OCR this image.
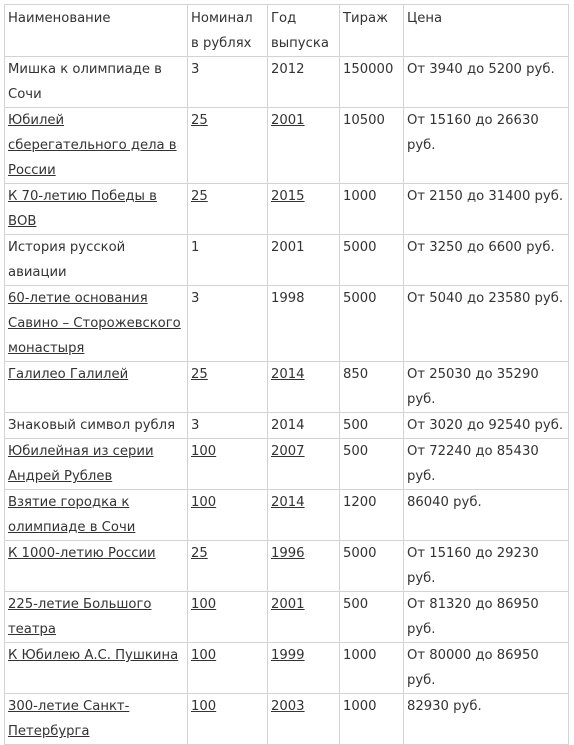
Наименование	Номинал в рублях	Год выпуска	Тираж	Цена
Мишка к олимпиаде в Сочи	3	2012	150000	От 3940 до 5200 руб.
Юбилей сберегательного дела в России	25	2001	10500	От 15160 до 26630 руб.
К 70-летию Победы в ВОВ	25	2015	1000	От 2150 до 31400 руб.
История русской авиации	1	2001	5000	От 3250 до 6600 руб.
60-летие основания Савино – Сторожевского монастыря	3	1998	5000	От 5040 до 23580 руб.
Галилео Галилей	25	2014	850	От 25030 до 35290 руб.
Знаковый символ рубля	3	2014	500	От 3020 до 92540 руб.
Юбилейная из серии Андрей Рублев	100	2007	500	От 72240 до 85430 руб.
Взятие городка к олимпиаде в Сочи	100	2014	1200	86040 руб.
К 1000-летию России	25	1996	5000	От 15160 до 29230 руб.
225-летие Большого театра	100	2001	500	От 81320 до 86950 руб.
К Юбилею А.С. Пушкина	100	1999	1000	От 80000 до 86950 руб.
300-летие Санкт-Петербурга	100	2003	1000	82930 руб.
